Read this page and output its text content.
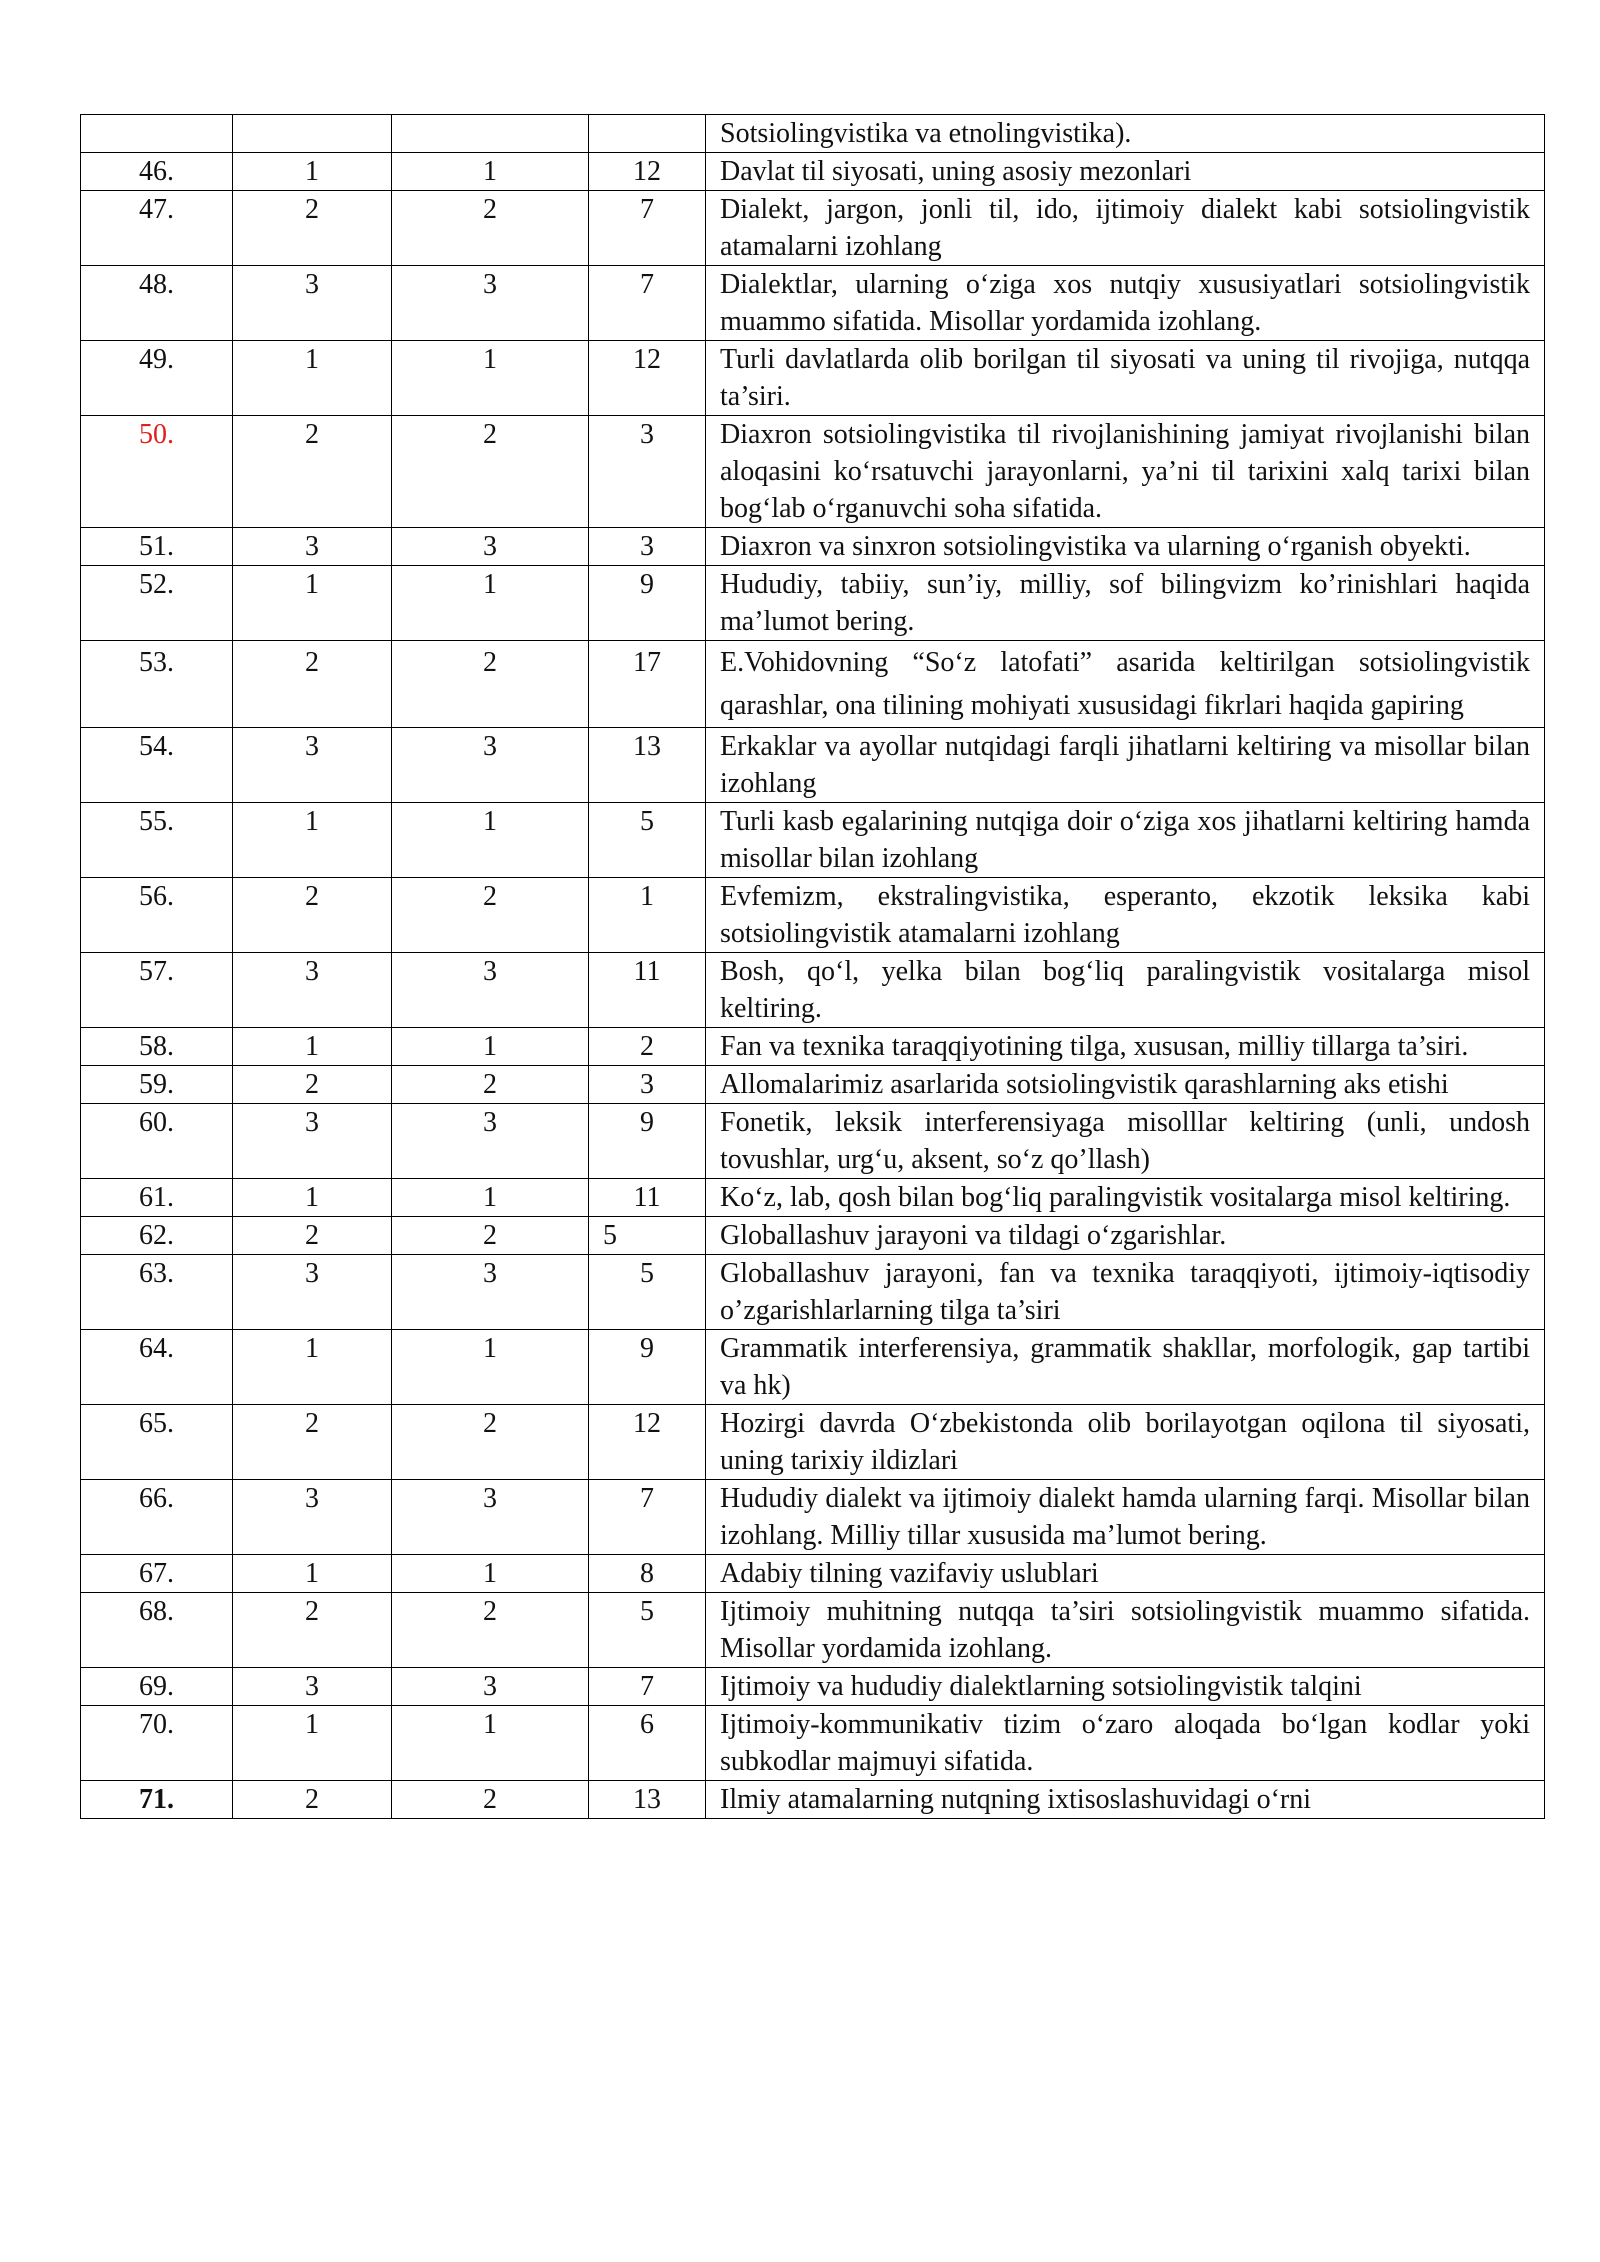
				Sotsiolingvistika va etnolingvistika).
46.	1	1	12	Davlat til siyosati, uning asosiy mezonlari
47.	2	2	7	Dialekt, jargon, jonli til, ido, ijtimoiy dialekt kabi sotsiolingvistik atamalarni izohlang
48.	3	3	7	Dialektlar, ularning o‘ziga xos nutqiy xususiyatlari sotsiolingvistik muammo sifatida. Misollar yordamida izohlang.
49.	1	1	12	Turli davlatlarda olib borilgan til siyosati va uning til rivojiga, nutqqa ta’siri.
50.	2	2	3	Diaxron sotsiolingvistika til rivojlanishining jamiyat rivojlanishi bilan aloqasini ko‘rsatuvchi jarayonlarni, ya’ni til tarixini xalq tarixi bilan bog‘lab o‘rganuvchi soha sifatida.
51.	3	3	3	Diaxron va sinxron sotsiolingvistika va ularning o‘rganish obyekti.
52.	1	1	9	Hududiy, tabiiy, sun’iy, milliy, sof bilingvizm ko’rinishlari haqida ma’lumot bering.
53.	2	2	17	E.Vohidovning “So‘z latofati” asarida keltirilgan sotsiolingvistik qarashlar, ona tilining mohiyati xususidagi fikrlari haqida gapiring
54.	3	3	13	Erkaklar va ayollar nutqidagi farqli jihatlarni keltiring va misollar bilan izohlang
55.	1	1	5	Turli kasb egalarining nutqiga doir o‘ziga xos jihatlarni keltiring hamda misollar bilan izohlang
56.	2	2	1	Evfemizm, ekstralingvistika, esperanto, ekzotik leksika kabi sotsiolingvistik atamalarni izohlang
57.	3	3	11	Bosh, qo‘l, yelka bilan bog‘liq paralingvistik vositalarga misol keltiring.
58.	1	1	2	Fan va texnika taraqqiyotining tilga, xususan, milliy tillarga ta’siri.
59.	2	2	3	Allomalarimiz asarlarida sotsiolingvistik qarashlarning aks etishi
60.	3	3	9	Fonetik, leksik interferensiyaga misolllar keltiring (unli, undosh tovushlar, urg‘u, aksent, so‘z qo’llash)
61.	1	1	11	Ko‘z, lab, qosh bilan bog‘liq paralingvistik vositalarga misol keltiring.
62.	2	2	5	Globallashuv jarayoni va tildagi o‘zgarishlar.
63.	3	3	5	Globallashuv jarayoni, fan va texnika taraqqiyoti, ijtimoiy-iqtisodiy o’zgarishlarlarning tilga ta’siri
64.	1	1	9	Grammatik interferensiya, grammatik shakllar, morfologik, gap tartibi va hk)
65.	2	2	12	Hozirgi davrda O‘zbekistonda olib borilayotgan oqilona til siyosati, uning tarixiy ildizlari
66.	3	3	7	Hududiy dialekt va ijtimoiy dialekt hamda ularning farqi. Misollar bilan izohlang. Milliy tillar xususida ma’lumot bering.
67.	1	1	8	Adabiy tilning vazifaviy uslublari
68.	2	2	5	Ijtimoiy muhitning nutqqa ta’siri sotsiolingvistik muammo sifatida. Misollar yordamida izohlang.
69.	3	3	7	Ijtimoiy va hududiy dialektlarning sotsiolingvistik talqini
70.	1	1	6	Ijtimoiy-kommunikativ tizim o‘zaro aloqada bo‘lgan kodlar yoki subkodlar majmuyi sifatida.
71.	2	2	13	Ilmiy atamalarning nutqning ixtisoslashuvidagi o‘rni
